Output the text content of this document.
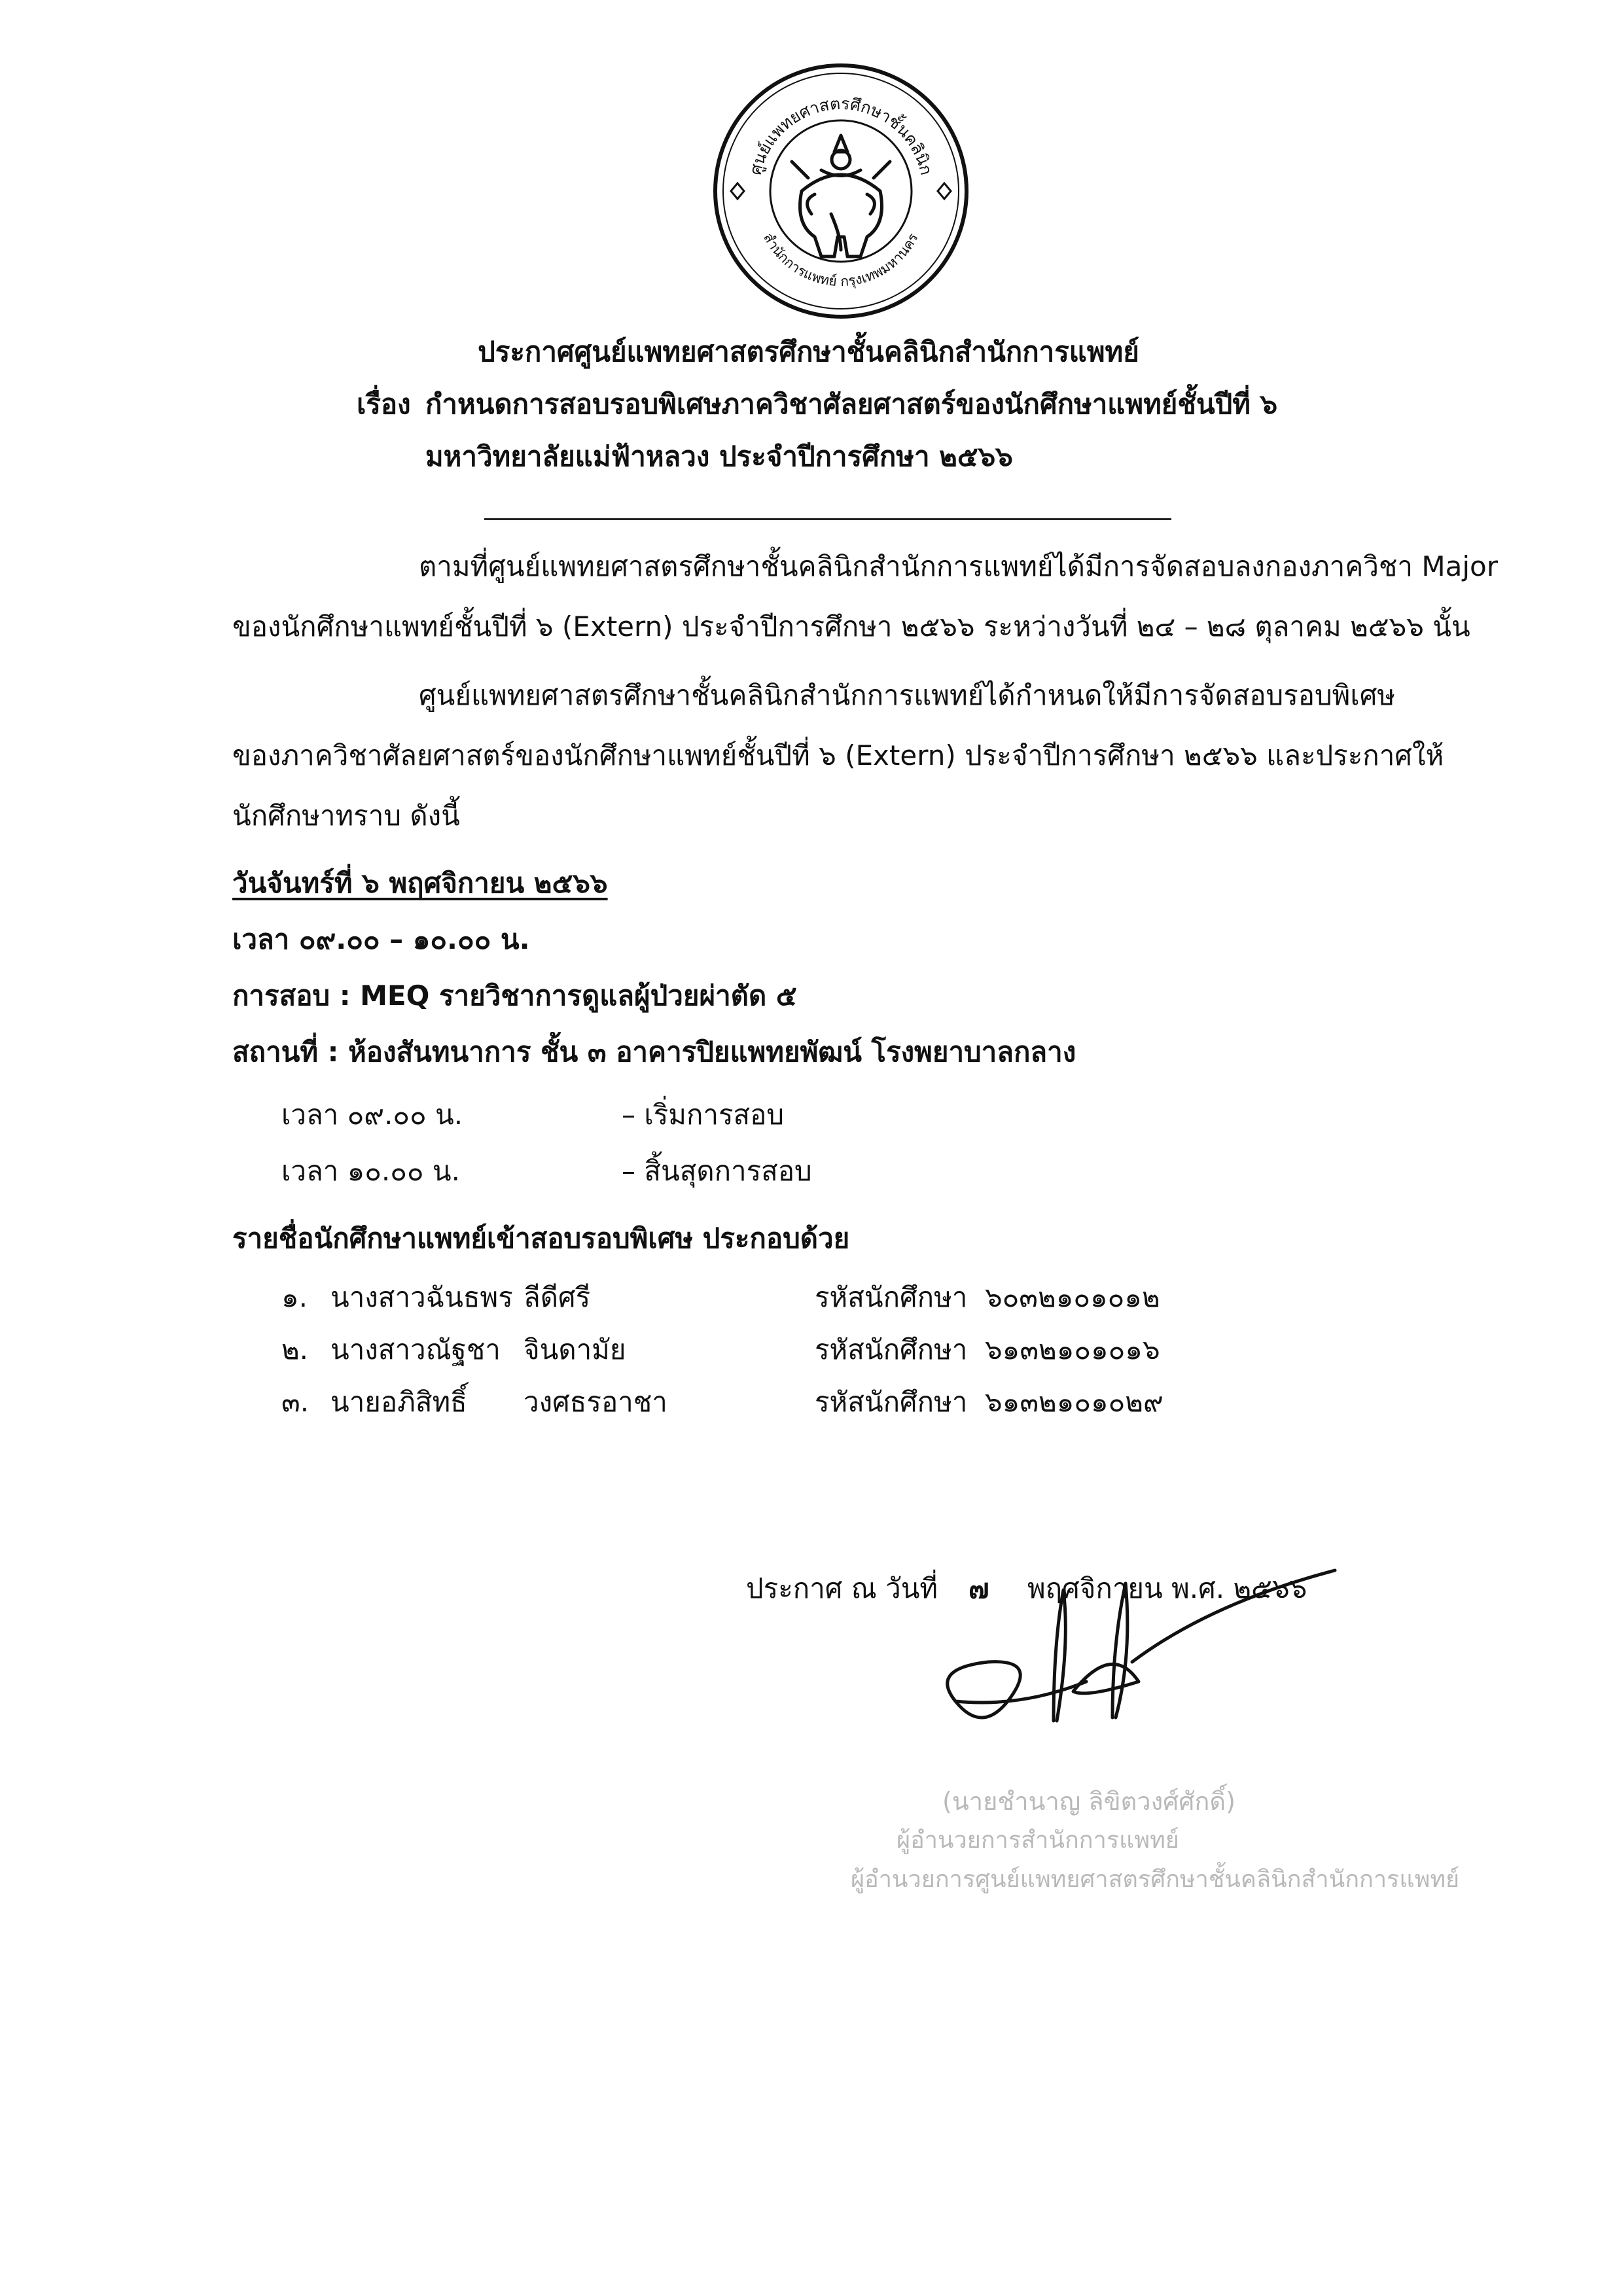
ศูนย์แพทยศาสตรศึกษาชั้นคลินิก
สำนักการแพทย์ กรุงเทพมหานคร
ประกาศศูนย์แพทยศาสตรศึกษาชั้นคลินิกสำนักการแพทย์
เรื่อง กำหนดการสอบรอบพิเศษภาควิชาศัลยศาสตร์ของนักศึกษาแพทย์ชั้นปีที่ ๖
มหาวิทยาลัยแม่ฟ้าหลวง ประจำปีการศึกษา ๒๕๖๖
ตามที่ศูนย์แพทยศาสตรศึกษาชั้นคลินิกสำนักการแพทย์ได้มีการจัดสอบลงกองภาควิชา Major
ของนักศึกษาแพทย์ชั้นปีที่ ๖ (Extern) ประจำปีการศึกษา ๒๕๖๖ ระหว่างวันที่ ๒๔ – ๒๘ ตุลาคม ๒๕๖๖ นั้น
ศูนย์แพทยศาสตรศึกษาชั้นคลินิกสำนักการแพทย์ได้กำหนดให้มีการจัดสอบรอบพิเศษ
ของภาควิชาศัลยศาสตร์ของนักศึกษาแพทย์ชั้นปีที่ ๖ (Extern) ประจำปีการศึกษา ๒๕๖๖ และประกาศให้
นักศึกษาทราบ ดังนี้
วันจันทร์ที่ ๖ พฤศจิกายน ๒๕๖๖
เวลา ๐๙.๐๐ – ๑๐.๐๐ น.
การสอบ : MEQ รายวิชาการดูแลผู้ป่วยผ่าตัด ๕
สถานที่ : ห้องสันทนาการ ชั้น ๓ อาคารปิยแพทยพัฒน์ โรงพยาบาลกลาง
เวลา ๐๙.๐๐ น.	– เริ่มการสอบ
เวลา ๑๐.๐๐ น.	– สิ้นสุดการสอบ
รายชื่อนักศึกษาแพทย์เข้าสอบรอบพิเศษ ประกอบด้วย
๑. นางสาวฉันธพร ลีดีศรี	รหัสนักศึกษา ๖๐๓๒๑๐๑๐๑๒
๒. นางสาวณัฐชา จินดามัย	รหัสนักศึกษา ๖๑๓๒๑๐๑๐๑๖
๓. นายอภิสิทธิ์ วงศธรอาชา	รหัสนักศึกษา ๖๑๓๒๑๐๑๐๒๙
ประกาศ ณ วันที่ ๗ พฤศจิกายน พ.ศ. ๒๕๖๖
(นายชำนาญ ลิขิตวงศ์ศักดิ์)
ผู้อำนวยการสำนักการแพทย์
ผู้อำนวยการศูนย์แพทยศาสตรศึกษาชั้นคลินิกสำนักการแพทย์
